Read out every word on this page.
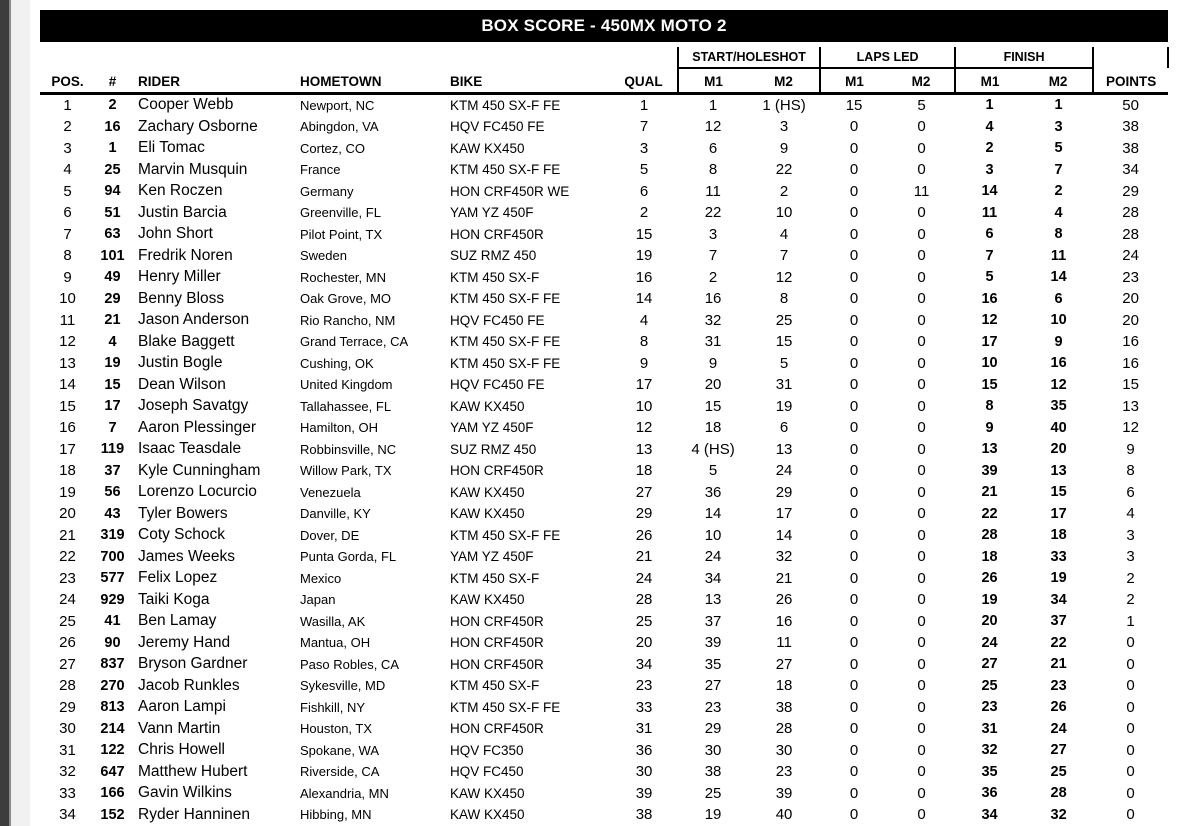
BOX SCORE - 450MX MOTO 2
						START/HOLESHOT		LAPS LED		FINISH		
POS.	#	RIDER	HOMETOWN	BIKE	QUAL	M1	M2	M1	M2	M1	M2	POINTS
1	2	Cooper Webb	Newport, NC	KTM 450 SX-F FE	1	1	1 (HS)	15	5	1	1	50
2	16	Zachary Osborne	Abingdon, VA	HQV FC450 FE	7	12	3	0	0	4	3	38
3	1	Eli Tomac	Cortez, CO	KAW KX450	3	6	9	0	0	2	5	38
4	25	Marvin Musquin	France	KTM 450 SX-F FE	5	8	22	0	0	3	7	34
5	94	Ken Roczen	Germany	HON CRF450R WE	6	11	2	0	11	14	2	29
6	51	Justin Barcia	Greenville, FL	YAM YZ 450F	2	22	10	0	0	11	4	28
7	63	John Short	Pilot Point, TX	HON CRF450R	15	3	4	0	0	6	8	28
8	101	Fredrik Noren	Sweden	SUZ RMZ 450	19	7	7	0	0	7	11	24
9	49	Henry Miller	Rochester, MN	KTM 450 SX-F	16	2	12	0	0	5	14	23
10	29	Benny Bloss	Oak Grove, MO	KTM 450 SX-F FE	14	16	8	0	0	16	6	20
11	21	Jason Anderson	Rio Rancho, NM	HQV FC450 FE	4	32	25	0	0	12	10	20
12	4	Blake Baggett	Grand Terrace, CA	KTM 450 SX-F FE	8	31	15	0	0	17	9	16
13	19	Justin Bogle	Cushing, OK	KTM 450 SX-F FE	9	9	5	0	0	10	16	16
14	15	Dean Wilson	United Kingdom	HQV FC450 FE	17	20	31	0	0	15	12	15
15	17	Joseph Savatgy	Tallahassee, FL	KAW KX450	10	15	19	0	0	8	35	13
16	7	Aaron Plessinger	Hamilton, OH	YAM YZ 450F	12	18	6	0	0	9	40	12
17	119	Isaac Teasdale	Robbinsville, NC	SUZ RMZ 450	13	4 (HS)	13	0	0	13	20	9
18	37	Kyle Cunningham	Willow Park, TX	HON CRF450R	18	5	24	0	0	39	13	8
19	56	Lorenzo Locurcio	Venezuela	KAW KX450	27	36	29	0	0	21	15	6
20	43	Tyler Bowers	Danville, KY	KAW KX450	29	14	17	0	0	22	17	4
21	319	Coty Schock	Dover, DE	KTM 450 SX-F FE	26	10	14	0	0	28	18	3
22	700	James Weeks	Punta Gorda, FL	YAM YZ 450F	21	24	32	0	0	18	33	3
23	577	Felix Lopez	Mexico	KTM 450 SX-F	24	34	21	0	0	26	19	2
24	929	Taiki Koga	Japan	KAW KX450	28	13	26	0	0	19	34	2
25	41	Ben Lamay	Wasilla, AK	HON CRF450R	25	37	16	0	0	20	37	1
26	90	Jeremy Hand	Mantua, OH	HON CRF450R	20	39	11	0	0	24	22	0
27	837	Bryson Gardner	Paso Robles, CA	HON CRF450R	34	35	27	0	0	27	21	0
28	270	Jacob Runkles	Sykesville, MD	KTM 450 SX-F	23	27	18	0	0	25	23	0
29	813	Aaron Lampi	Fishkill, NY	KTM 450 SX-F FE	33	23	38	0	0	23	26	0
30	214	Vann Martin	Houston, TX	HON CRF450R	31	29	28	0	0	31	24	0
31	122	Chris Howell	Spokane, WA	HQV FC350	36	30	30	0	0	32	27	0
32	647	Matthew Hubert	Riverside, CA	HQV FC450	30	38	23	0	0	35	25	0
33	166	Gavin Wilkins	Alexandria, MN	KAW KX450	39	25	39	0	0	36	28	0
34	152	Ryder Hanninen	Hibbing, MN	KAW KX450	38	19	40	0	0	34	32	0
